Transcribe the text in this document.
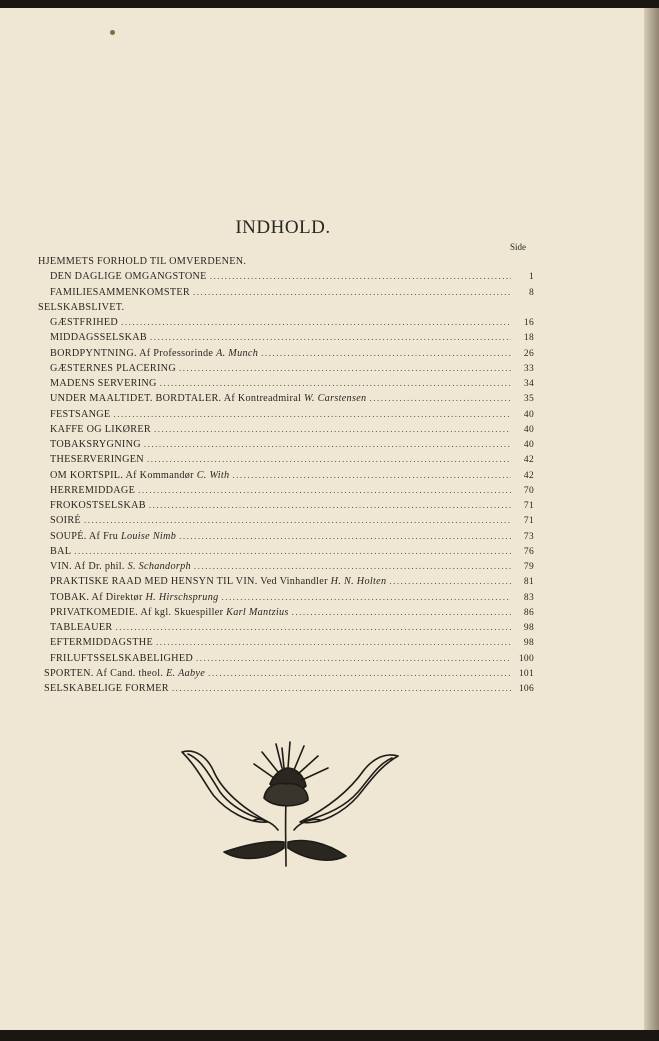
INDHOLD.
Side
HJEMMETS FORHOLD TIL OMVERDENEN.
DEN DAGLIGE OMGANGSTONE .....	1
FAMILIESAMMENKOMSTER .....	8
SELSKABSLIVET.
GÆSTFRIHED .....	16
MIDDAGSSELSKAB .....	18
BORDPYNTNING. Af Professorinde A. Munch .....	26
GÆSTERNES PLACERING .....	33
MADENS SERVERING .....	34
UNDER MAALTIDET. BORDTALER. Af Kontreadmiral W. Carstensen .....	35
FESTSANGE .....	40
KAFFE OG LIKØRER .....	40
TOBAKSRYGNING .....	40
THESERVERINGEN .....	42
OM KORTSPIL. Af Kommandør C. With .....	42
HERREMIDDAGE .....	70
FROKOSTSELSKAB .....	71
SOIRÉ .....	71
SOUPÉ. Af Fru Louise Nimb .....	73
BAL .....	76
VIN. Af Dr. phil. S. Schandorph .....	79
PRAKTISKE RAAD MED HENSYN TIL VIN. Ved Vinhandler H. N. Holten .....	81
TOBAK. Af Direktør H. Hirschsprung .....	83
PRIVATKOMEDIE. Af kgl. Skuespiller Karl Mantzius .....	86
TABLEAUER .....	98
EFTERMIDDAGSTHE .....	98
FRILUFTSSELSKABELIGHED .....	100
SPORTEN. Af Cand. theol. E. Aabye .....	101
SELSKABELIGE FORMER .....	106
